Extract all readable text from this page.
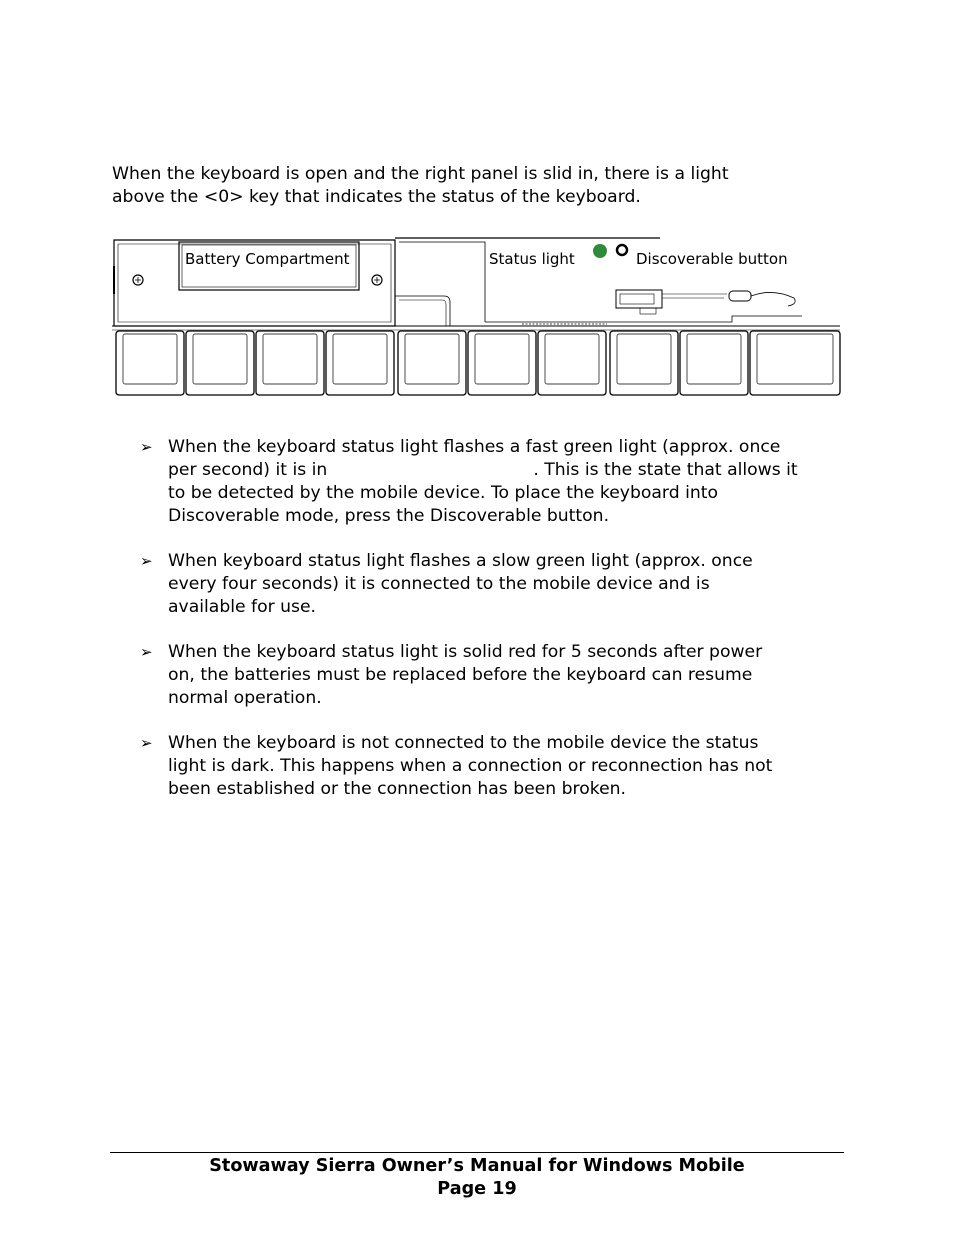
When the keyboard is open and the right panel is slid in, there is a light
above the <0> key that indicates the status of the keyboard.

Battery Compartment	Status light	Discoverable button
➢ When the keyboard status light flashes a fast green light (approx. once
per second) it is in	. This is the state that allows it
to be detected by the mobile device. To place the keyboard into
Discoverable mode, press the Discoverable button.
➢ When keyboard status light flashes a slow green light (approx. once
every four seconds) it is connected to the mobile device and is
available for use.
➢ When the keyboard status light is solid red for 5 seconds after power
on, the batteries must be replaced before the keyboard can resume
normal operation.
➢ When the keyboard is not connected to the mobile device the status
light is dark. This happens when a connection or reconnection has not
been established or the connection has been broken.
Stowaway Sierra Owner’s Manual for Windows Mobile
Page 19
